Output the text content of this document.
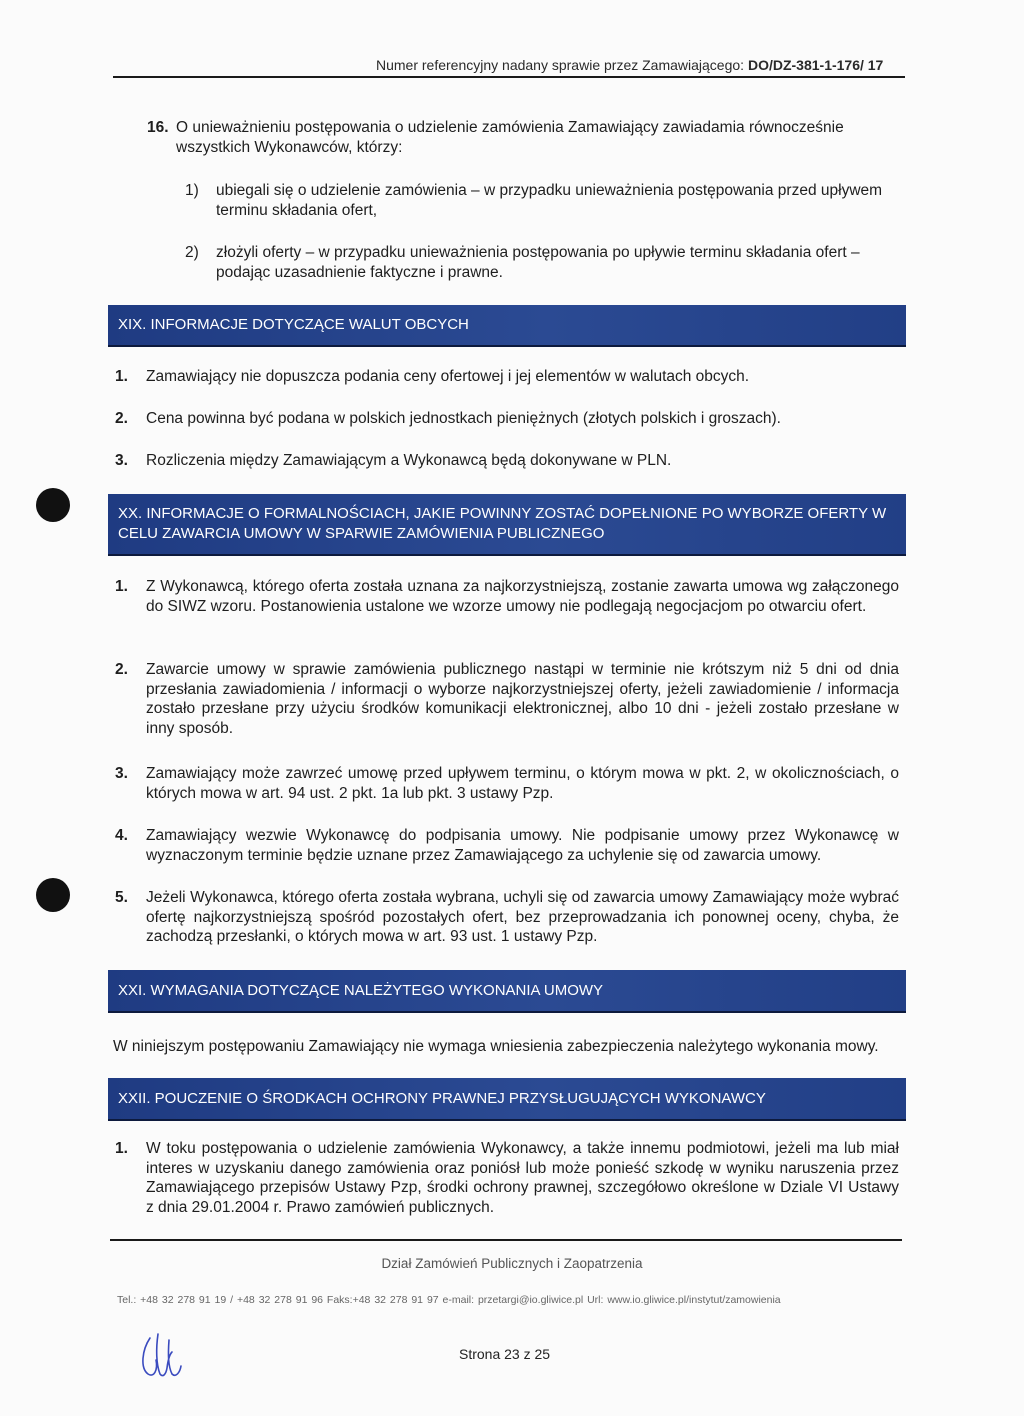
Numer referencyjny nadany sprawie przez Zamawiającego: DO/DZ-381-1-176/ 17
16. O unieważnieniu postępowania o udzielenie zamówienia Zamawiający zawiadamia równocześnie wszystkich Wykonawców, którzy:
1)	ubiegali się o udzielenie zamówienia – w przypadku unieważnienia postępowania przed upływem terminu składania ofert,
2)	złożyli oferty – w przypadku unieważnienia postępowania po upływie terminu składania ofert – podając uzasadnienie faktyczne i prawne.
XIX. INFORMACJE DOTYCZĄCE WALUT OBCYCH
1.	Zamawiający nie dopuszcza podania ceny ofertowej i jej elementów w walutach obcych.
2.	Cena powinna być podana w polskich jednostkach pieniężnych (złotych polskich i groszach).
3.	Rozliczenia między Zamawiającym a Wykonawcą będą dokonywane w PLN.
XX. INFORMACJE O FORMALNOŚCIACH, JAKIE POWINNY ZOSTAĆ DOPEŁNIONE PO WYBORZE OFERTY W
CELU ZAWARCIA UMOWY W SPARWIE ZAMÓWIENIA PUBLICZNEGO
1.	Z Wykonawcą, którego oferta została uznana za najkorzystniejszą, zostanie zawarta umowa wg załączonego do SIWZ wzoru. Postanowienia ustalone we wzorze umowy nie podlegają negocjacjom po otwarciu ofert.
2.	Zawarcie umowy w sprawie zamówienia publicznego nastąpi w terminie nie krótszym niż 5 dni od dnia przesłania zawiadomienia / informacji o wyborze najkorzystniejszej oferty, jeżeli zawiadomienie / informacja zostało przesłane przy użyciu środków komunikacji elektronicznej, albo 10 dni - jeżeli zostało przesłane w inny sposób.
3.	Zamawiający może zawrzeć umowę przed upływem terminu, o którym mowa w pkt. 2, w okolicznościach, o których mowa w art. 94 ust. 2 pkt. 1a lub pkt. 3 ustawy Pzp.
4.	Zamawiający wezwie Wykonawcę do podpisania umowy. Nie podpisanie umowy przez Wykonawcę w wyznaczonym terminie będzie uznane przez Zamawiającego za uchylenie się od zawarcia umowy.
5.	Jeżeli Wykonawca, którego oferta została wybrana, uchyli się od zawarcia umowy Zamawiający może wybrać ofertę najkorzystniejszą spośród pozostałych ofert, bez przeprowadzania ich ponownej oceny, chyba, że zachodzą przesłanki, o których mowa w art. 93 ust. 1 ustawy Pzp.
XXI. WYMAGANIA DOTYCZĄCE NALEŻYTEGO WYKONANIA UMOWY
W niniejszym postępowaniu Zamawiający nie wymaga wniesienia zabezpieczenia należytego wykonania mowy.
XXII. POUCZENIE O ŚRODKACH OCHRONY PRAWNEJ PRZYSŁUGUJĄCYCH WYKONAWCY
1.	W toku postępowania o udzielenie zamówienia Wykonawcy, a także innemu podmiotowi, jeżeli ma lub miał interes w uzyskaniu danego zamówienia oraz poniósł lub może ponieść szkodę w wyniku naruszenia przez Zamawiającego przepisów Ustawy Pzp, środki ochrony prawnej, szczegółowo określone w Dziale VI Ustawy z dnia 29.01.2004 r. Prawo zamówień publicznych.
Dział Zamówień Publicznych i Zaopatrzenia
Tel.: +48 32 278 91 19 / +48 32 278 91 96 Faks:+48 32 278 91 97 e-mail: przetargi@io.gliwice.pl Url: www.io.gliwice.pl/instytut/zamowienia
Strona 23 z 25
